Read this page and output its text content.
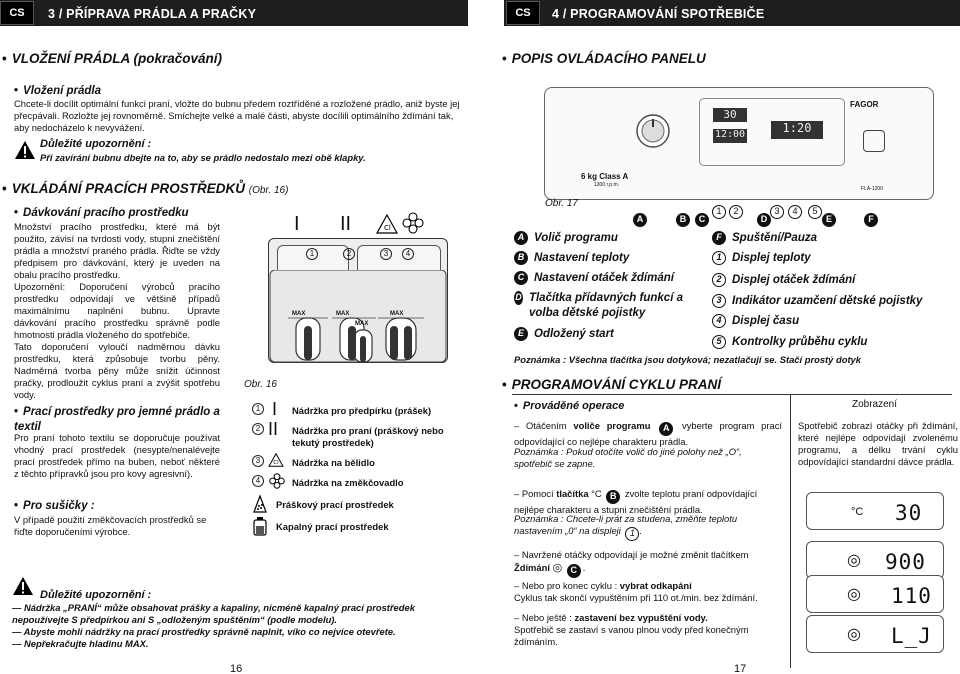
CS	3 / PŘÍPRAVA PRÁDLA A PRAČKY	CS	4 / PROGRAMOVÁNÍ SPOTŘEBIČE
• VLOŽENÍ PRÁDLA (pokračování)
• Vložení prádla
Chcete-li docílit optimální funkci praní, vložte do bubnu předem roztříděné a rozložené prádlo, aniž byste jej přecpávali. Rozložte jej rovnoměrně. Smíchejte velké a malé části, abyste docílili optimálního ždímání tak, aby nedocházelo k nevyvážení.
Důležité upozornění :
Při zavírání bubnu dbejte na to, aby se prádlo nedostalo mezi obě klapky.
• VKLÁDÁNÍ PRACÍCH PROSTŘEDKŮ (Obr. 16)
• Dávkování pracího prostředku

Množství pracího prostředku, které má být použito, závisí na tvrdosti vody, stupni znečištění prádla a množství praného prádla. Řiďte se vždy předpisem pro dávkování, který je uveden na obalu pracího prostředku.

Upozornění: Doporučení výrobců pracího prostředku odpovídají ve většině případů maximálnímu naplnění bubnu. Upravte dávkování pracího prostředku správně podle hmotnosti prádla vloženého do spotřebiče.

Tato doporučení vyloučí nadměrnou dávku prostředku, která způsobuje tvorbu pěny. Nadměrná tvorba pěny může snížit účinnost pračky, prodloužit cyklus praní a zvýšit spotřebu vody.

• Prací prostředky pro jemné prádlo a textil
Pro praní tohoto textilu se doporučuje používat vhodný prací prostředek (nesypte/nenalévejte prací prostředek přímo na buben, neboť některé z těchto přípravků jsou pro kovy agresivní).
• Pro sušičky :
V případě použití změkčovacích prostředků se řiďte doporučeními výrobce.
I II	Cl
1	2	3	4
MAX	MAX
MAX
MAX
Obr. 16
1 I Nádržka pro předpírku (prášek)
2 II Nádržka pro praní (práškový nebo tekutý prostředek)
3	Cl Nádržka na bělidlo
4	Nádržka na změkčovadlo
Práškový prací prostředek
Kapalný prací prostředek
Důležité upozornění :
— Nádržka „PRANÍ“ může obsahovat prášky a kapaliny, nicméně kapalný prací prostředek nepoužívejte S předpírkou ani S „odloženým spuštěním“ (podle modelu).
— Abyste mohli nádržky na prací prostředky správně naplnit, víko co nejvíce otevřete.
— Nepřekračujte hladinu MAX.
16
• POPIS OVLÁDACÍHO PANELU
6 kg Class A
1300 r.p.m.
30
12:00	1:20
FAGOR
FLA-1200
Obr. 17
A	B	C
1	2
D
3	4	5
E	F
A Volič programu
B Nastavení teploty
C Nastavení otáček ždímání
D Tlačítka přídavných funkcí a volba dětské pojistky
E Odložený start
F Spuštění/Pauza
1 Displej teploty
2 Displej otáček ždímání
3 Indikátor uzamčení dětské pojistky
4 Displej času
5 Kontrolky průběhu cyklu
Poznámka : Všechna tlačítka jsou dotyková; nezatlačují se. Stačí prostý dotyk
• PROGRAMOVÁNÍ CYKLU PRANÍ
• Prováděné operace	Zobrazení
– Otáčením voliče programu A vyberte program prací odpovídající co nejlépe charakteru prádla.
Poznámka : Pokud otočíte volič do jiné polohy než „O“, spotřebič se zapne.
Spotřebič zobrazí otáčky při ždímání, které nejlépe odpovídají zvolenému programu, a délku trvání cyklu odpovídající standardní dávce prádla.
– Pomocí tlačítka °C B zvolte teplotu praní odpovídající nejlépe charakteru a stupni znečištění prádla.
Poznámka : Chcete-li prát za studena, změňte teplotu nastavením „0“ na displeji 1 .
– Navržené otáčky odpovídají je možné změnit tlačítkem Ždímání ◎ C .
– Nebo pro konec cyklu : vybrat odkapání
Cyklus tak skončí vypuštěním při 110 ot./min. bez ždímání.
– Nebo ještě : zastavení bez vypuštění vody.
Spotřebič se zastaví s vanou plnou vody před konečným ždímáním.
°C 30
◎ 900
◎ 110
◎ L_J
17
